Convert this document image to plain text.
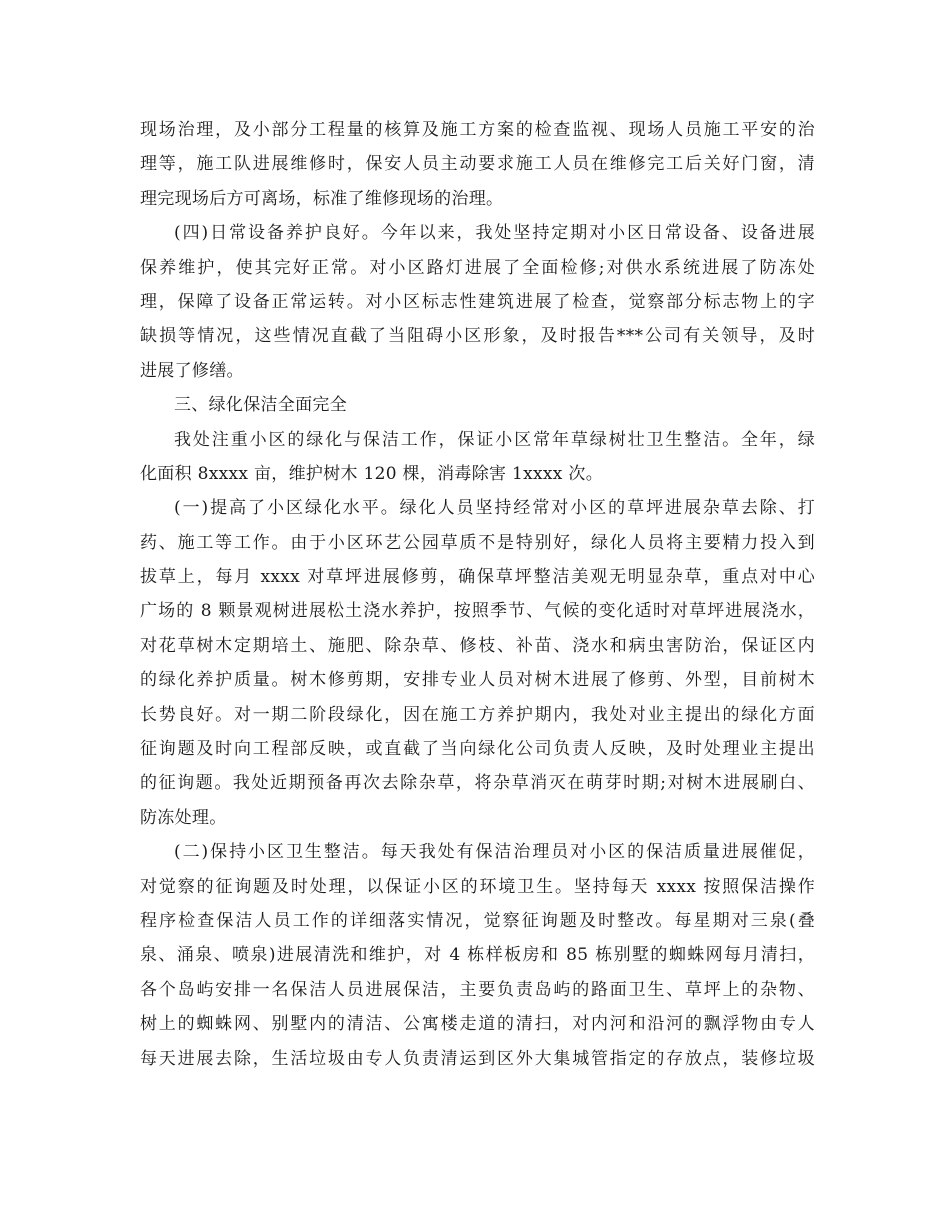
现场治理，及小部分工程量的核算及施工方案的检查监视、现场人员施工平安的治
理等，施工队进展维修时，保安人员主动要求施工人员在维修完工后关好门窗，清
理完现场后方可离场，标准了维修现场的治理。
(四)日常设备养护良好。今年以来，我处坚持定期对小区日常设备、设备进展
保养维护，使其完好正常。对小区路灯进展了全面检修;对供水系统进展了防冻处
理，保障了设备正常运转。对小区标志性建筑进展了检查，觉察部分标志物上的字
缺损等情况，这些情况直截了当阻碍小区形象，及时报告***公司有关领导，及时
进展了修缮。
三、绿化保洁全面完全
我处注重小区的绿化与保洁工作，保证小区常年草绿树壮卫生整洁。全年，绿
化面积 8xxxx 亩，维护树木 120 棵，消毒除害 1xxxx 次。
(一)提高了小区绿化水平。绿化人员坚持经常对小区的草坪进展杂草去除、打
药、施工等工作。由于小区环艺公园草质不是特别好，绿化人员将主要精力投入到
拔草上，每月 xxxx 对草坪进展修剪，确保草坪整洁美观无明显杂草，重点对中心
广场的 8 颗景观树进展松土浇水养护，按照季节、气候的变化适时对草坪进展浇水，
对花草树木定期培土、施肥、除杂草、修枝、补苗、浇水和病虫害防治，保证区内
的绿化养护质量。树木修剪期，安排专业人员对树木进展了修剪、外型，目前树木
长势良好。对一期二阶段绿化，因在施工方养护期内，我处对业主提出的绿化方面
征询题及时向工程部反映，或直截了当向绿化公司负责人反映，及时处理业主提出
的征询题。我处近期预备再次去除杂草，将杂草消灭在萌芽时期;对树木进展刷白、
防冻处理。
(二)保持小区卫生整洁。每天我处有保洁治理员对小区的保洁质量进展催促，
对觉察的征询题及时处理，以保证小区的环境卫生。坚持每天 xxxx 按照保洁操作
程序检查保洁人员工作的详细落实情况，觉察征询题及时整改。每星期对三泉(叠
泉、涌泉、喷泉)进展清洗和维护，对 4 栋样板房和 85 栋别墅的蜘蛛网每月清扫，
各个岛屿安排一名保洁人员进展保洁，主要负责岛屿的路面卫生、草坪上的杂物、
树上的蜘蛛网、别墅内的清洁、公寓楼走道的清扫，对内河和沿河的飘浮物由专人
每天进展去除，生活垃圾由专人负责清运到区外大集城管指定的存放点，装修垃圾
